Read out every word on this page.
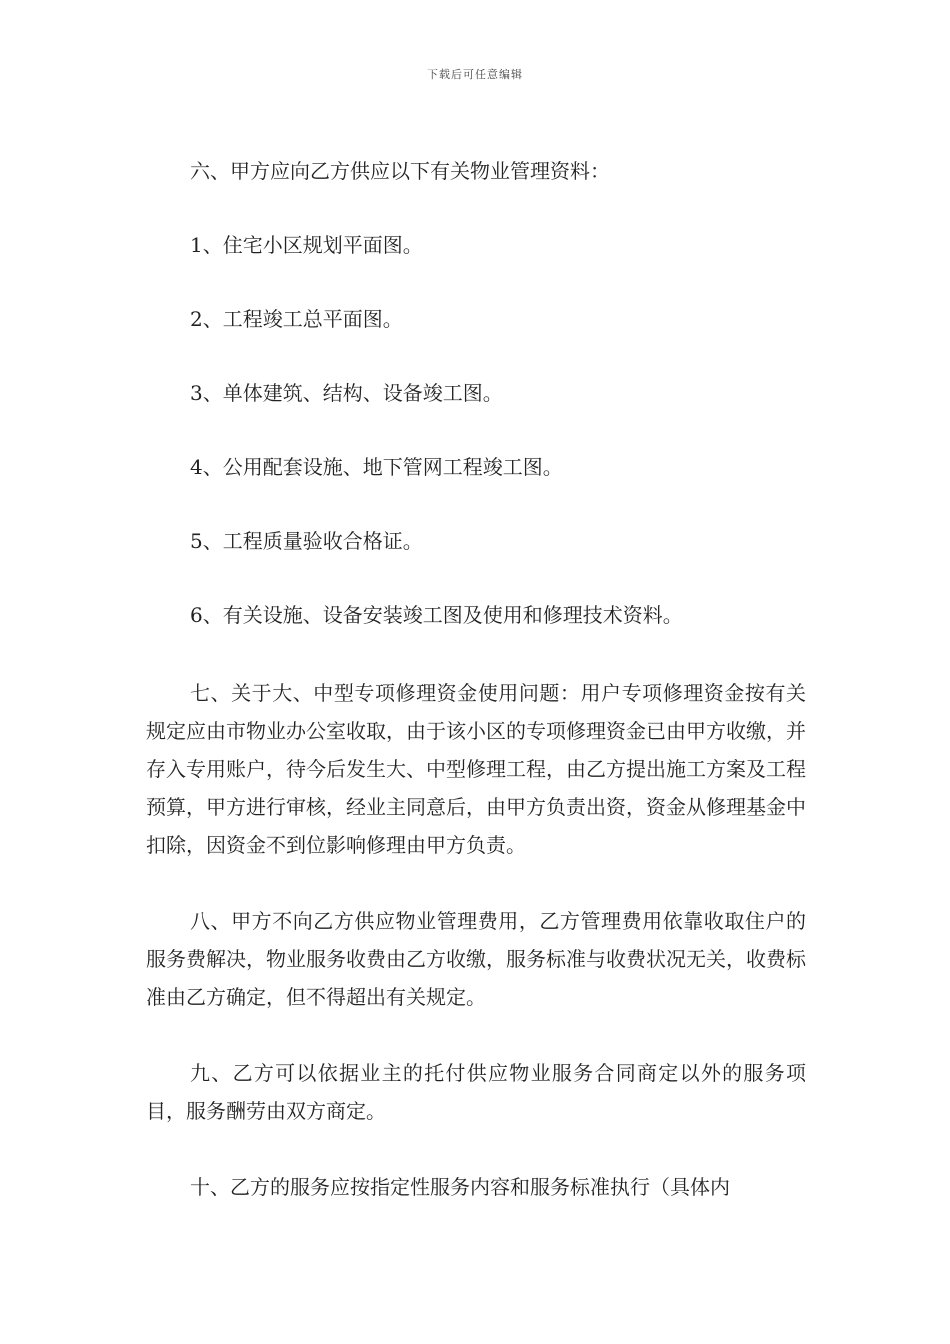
下载后可任意编辑

六、甲方应向乙方供应以下有关物业管理资料：

1、住宅小区规划平面图。

2、工程竣工总平面图。

3、单体建筑、结构、设备竣工图。

4、公用配套设施、地下管网工程竣工图。

5、工程质量验收合格证。

6、有关设施、设备安装竣工图及使用和修理技术资料。

七、关于大、中型专项修理资金使用问题：用户专项修理资金按有关规定应由市物业办公室收取，由于该小区的专项修理资金已由甲方收缴，并存入专用账户，待今后发生大、中型修理工程，由乙方提出施工方案及工程预算，甲方进行审核，经业主同意后，由甲方负责出资，资金从修理基金中扣除，因资金不到位影响修理由甲方负责。

八、甲方不向乙方供应物业管理费用，乙方管理费用依靠收取住户的服务费解决，物业服务收费由乙方收缴，服务标准与收费状况无关，收费标准由乙方确定，但不得超出有关规定。

九、乙方可以依据业主的托付供应物业服务合同商定以外的服务项目，服务酬劳由双方商定。

十、乙方的服务应按指定性服务内容和服务标准执行（具体内
